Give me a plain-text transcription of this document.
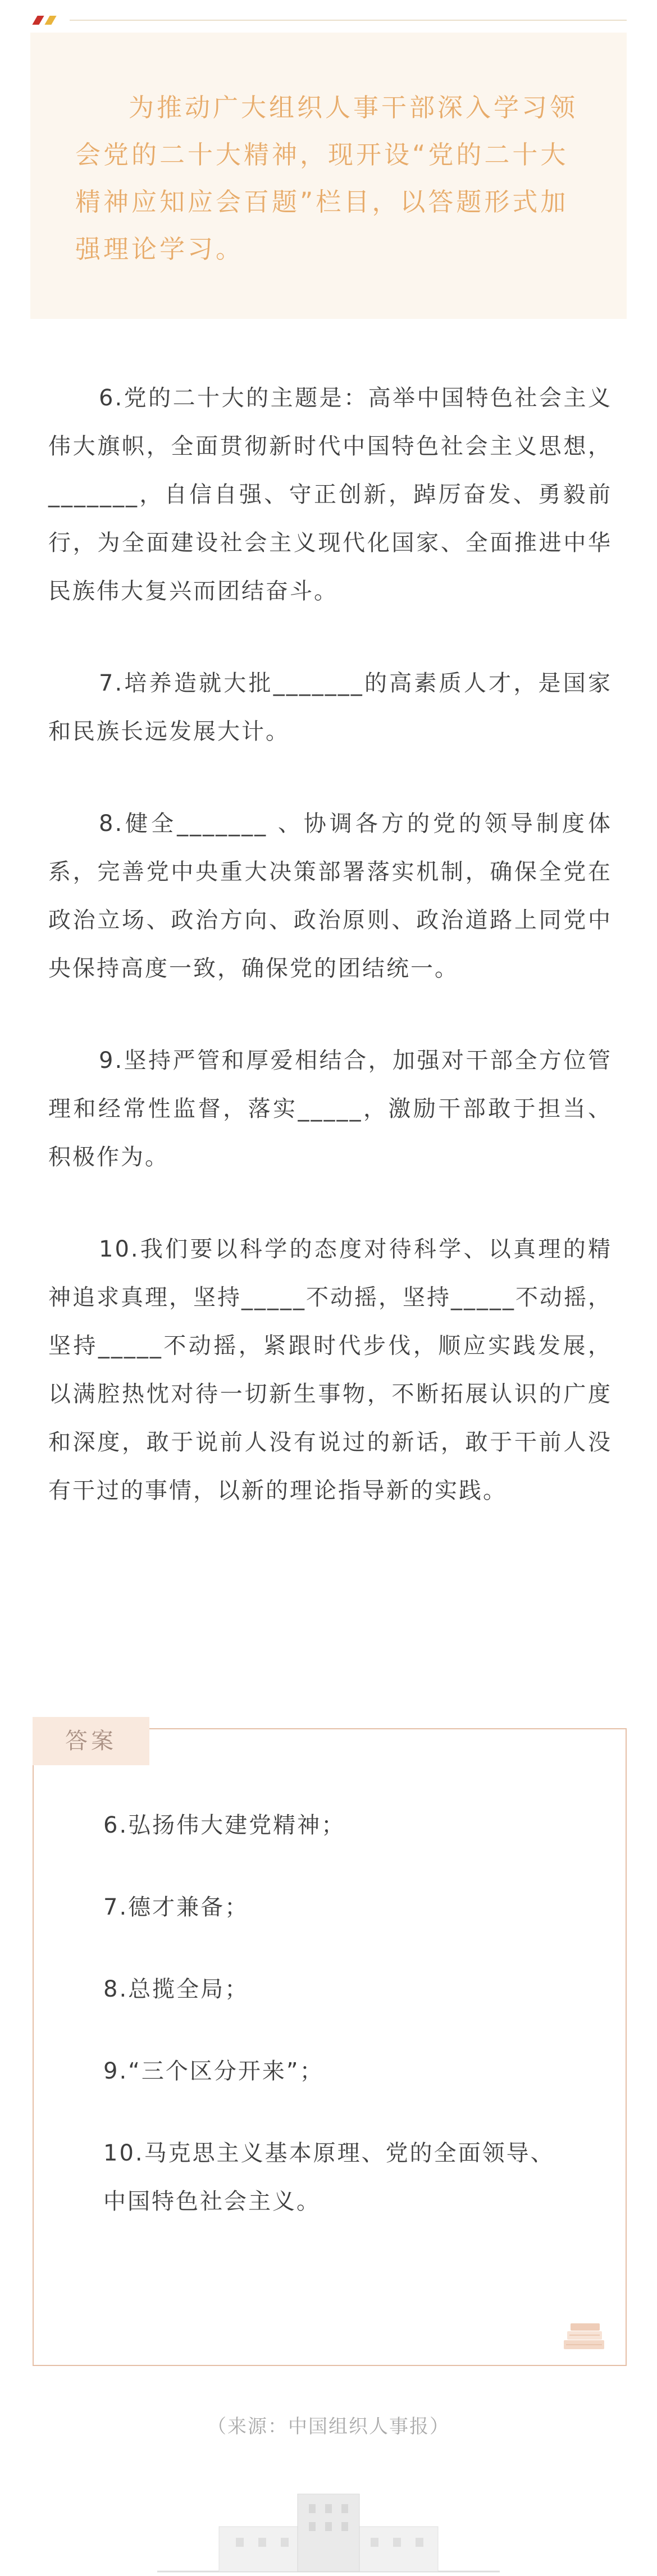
为推动广大组织人事干部深入学习领会党的二十大精神，现开设“党的二十大精神应知应会百题”栏目，以答题形式加强理论学习。

6.党的二十大的主题是：高举中国特色社会主义伟大旗帜，全面贯彻新时代中国特色社会主义思想，_______，自信自强、守正创新，踔厉奋发、勇毅前行，为全面建设社会主义现代化国家、全面推进中华民族伟大复兴而团结奋斗。

7.培养造就大批_______的高素质人才，是国家和民族长远发展大计。

8.健全_______ 、协调各方的党的领导制度体系，完善党中央重大决策部署落实机制，确保全党在政治立场、政治方向、政治原则、政治道路上同党中央保持高度一致，确保党的团结统一。

9.坚持严管和厚爱相结合，加强对干部全方位管理和经常性监督，落实_____，激励干部敢于担当、积极作为。

10.我们要以科学的态度对待科学、以真理的精神追求真理，坚持_____不动摇，坚持_____不动摇，坚持_____不动摇，紧跟时代步伐，顺应实践发展，以满腔热忱对待一切新生事物，不断拓展认识的广度和深度，敢于说前人没有说过的新话，敢于干前人没有干过的事情，以新的理论指导新的实践。

答案

6.弘扬伟大建党精神；

7.德才兼备；

8.总揽全局；

9.“三个区分开来”；

10.马克思主义基本原理、党的全面领导、 中国特色社会主义。

（来源：中国组织人事报）
